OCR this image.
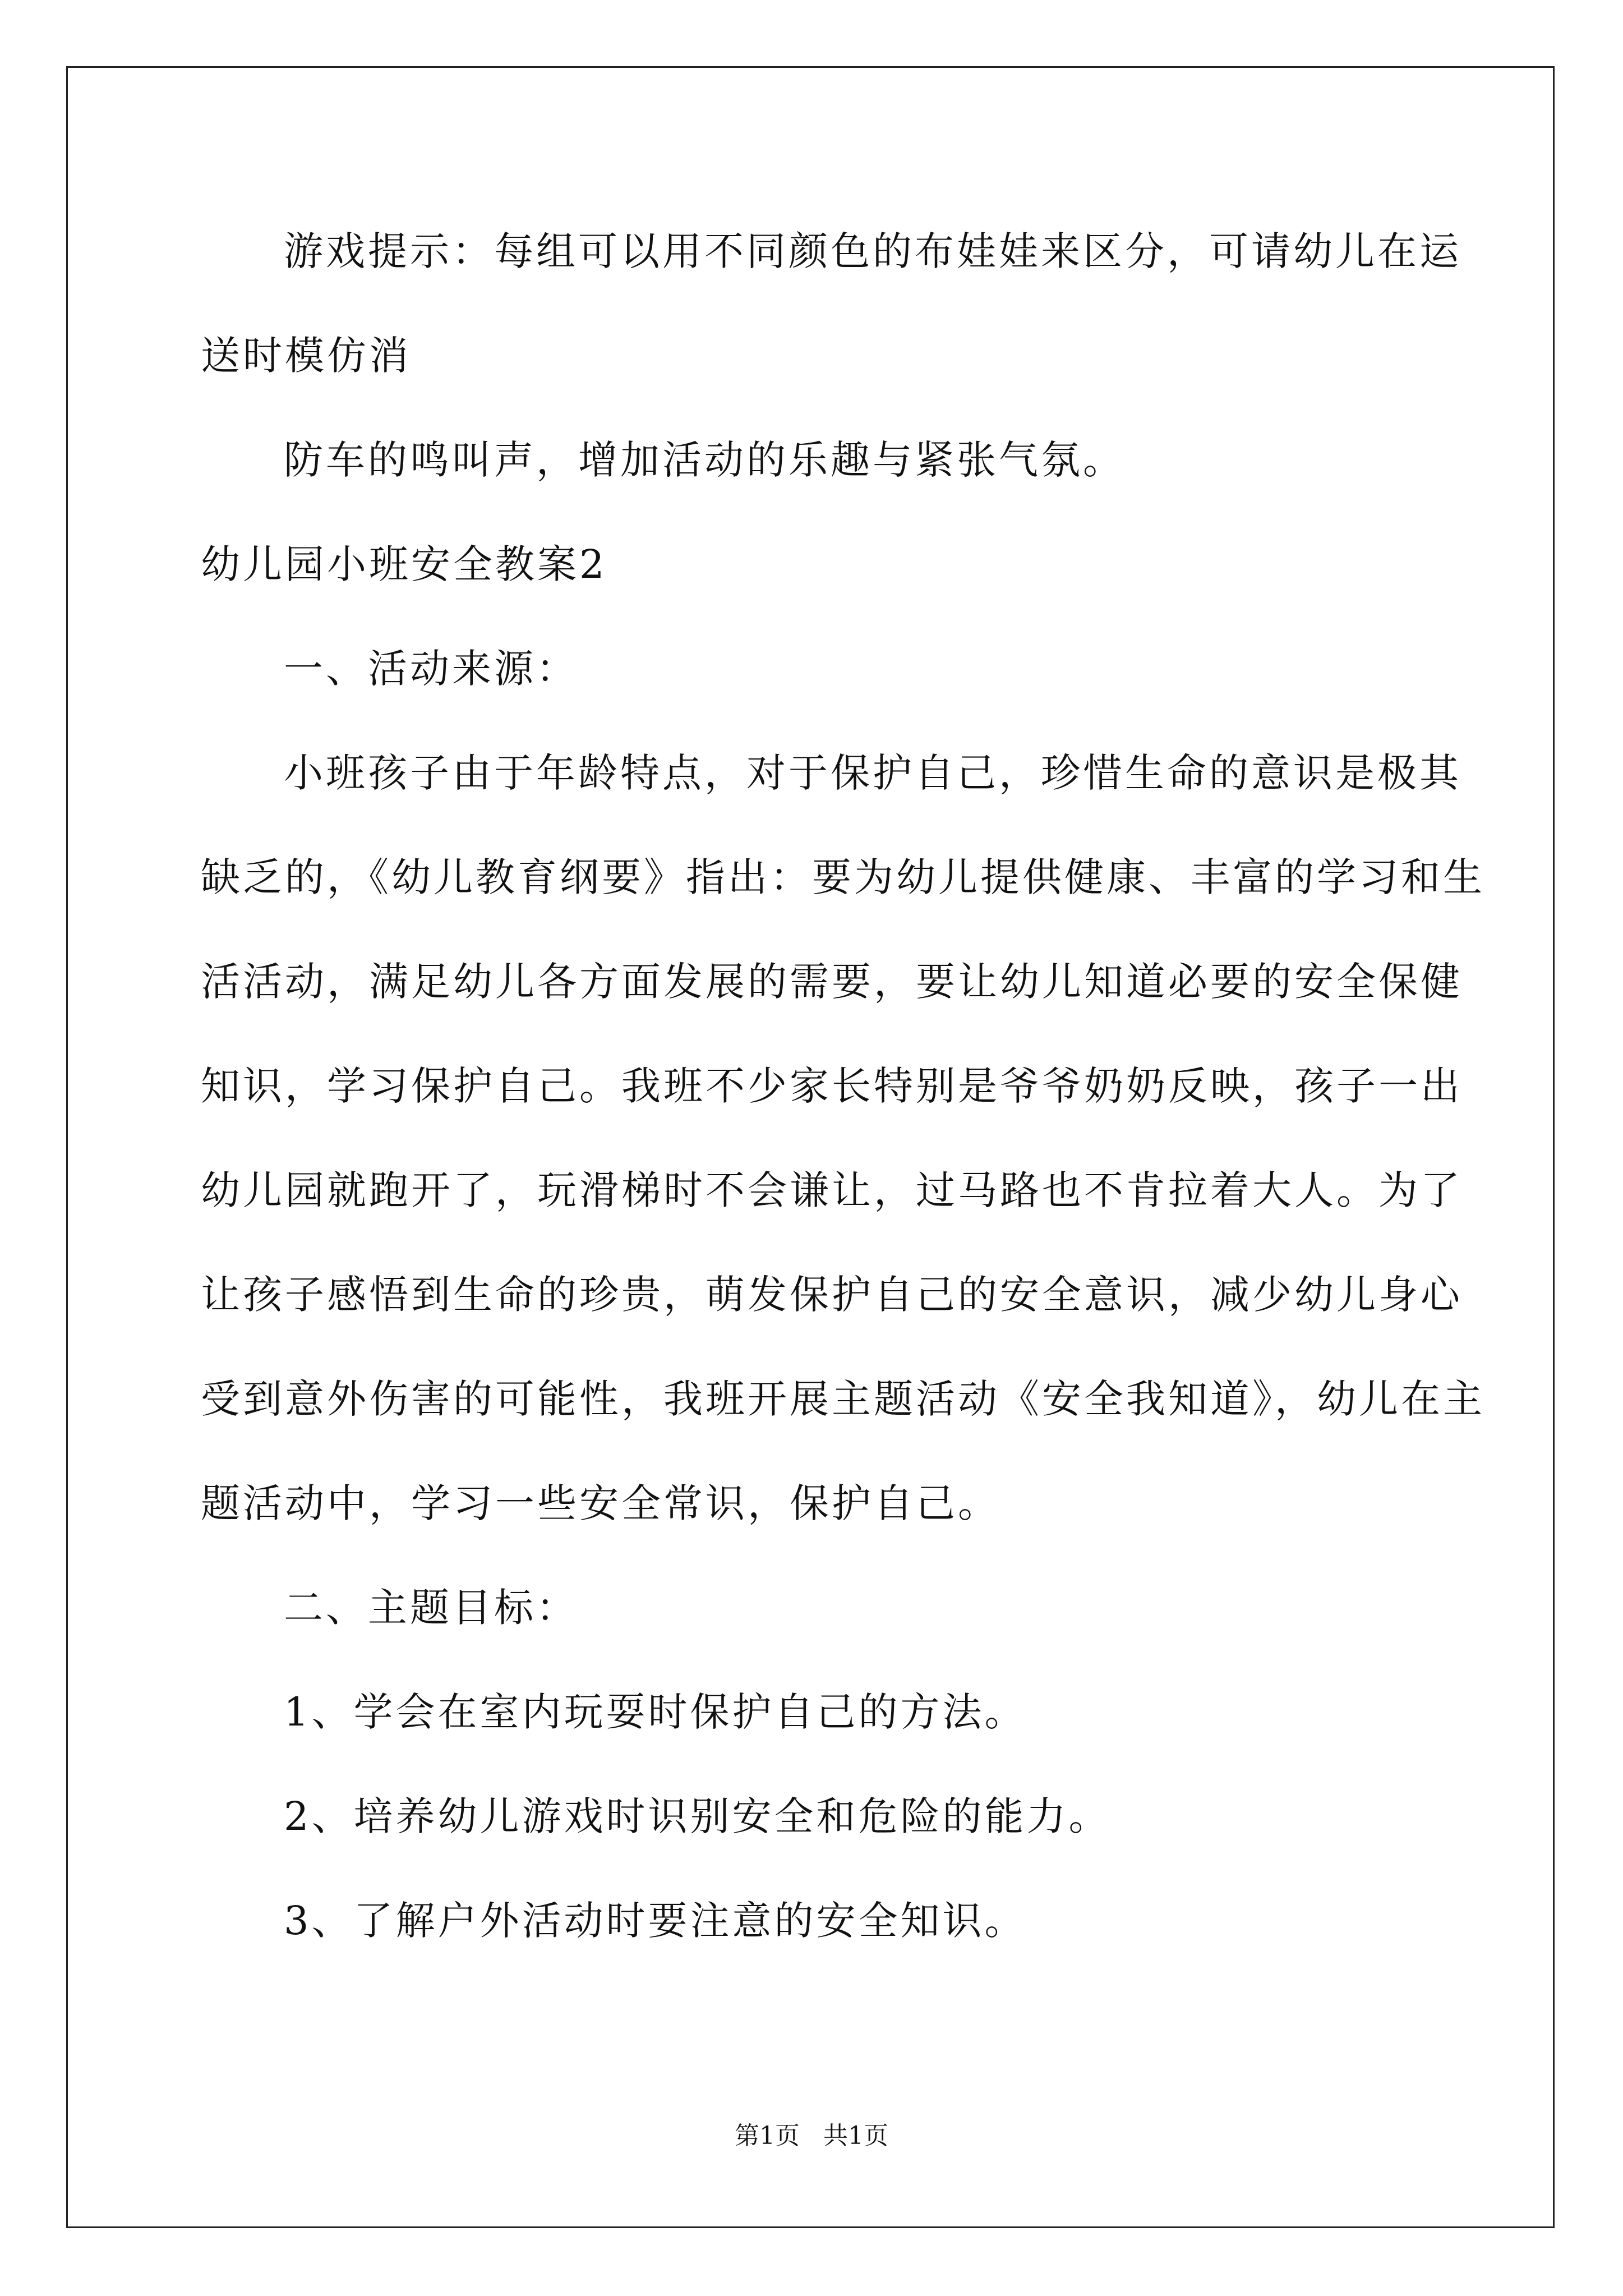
游戏提示：每组可以用不同颜色的布娃娃来区分，可请幼儿在运
送时模仿消
防车的鸣叫声，增加活动的乐趣与紧张气氛。
幼儿园小班安全教案2
一、活动来源：
小班孩子由于年龄特点，对于保护自己，珍惜生命的意识是极其
缺乏的，《幼儿教育纲要》指出：要为幼儿提供健康、丰富的学习和生
活活动，满足幼儿各方面发展的需要，要让幼儿知道必要的安全保健
知识，学习保护自己。我班不少家长特别是爷爷奶奶反映，孩子一出
幼儿园就跑开了，玩滑梯时不会谦让，过马路也不肯拉着大人。为了
让孩子感悟到生命的珍贵，萌发保护自己的安全意识，减少幼儿身心
受到意外伤害的可能性，我班开展主题活动《安全我知道》，幼儿在主
题活动中，学习一些安全常识，保护自己。
二、主题目标：
1、学会在室内玩耍时保护自己的方法。
2、培养幼儿游戏时识别安全和危险的能力。
3、了解户外活动时要注意的安全知识。
第1页   共1页
